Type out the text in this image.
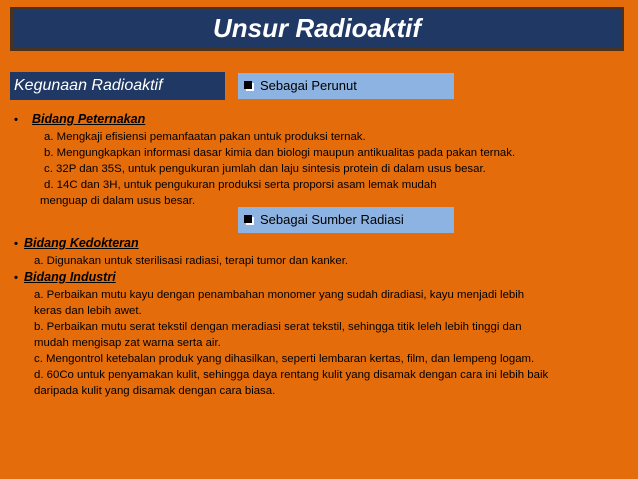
Unsur Radioaktif
Kegunaan Radioaktif	Sebagai Perunut
Sebagai Sumber Radiasi
• Bidang Peternakan
a. Mengkaji efisiensi pemanfaatan pakan untuk produksi ternak.
b. Mengungkapkan informasi dasar kimia dan biologi maupun antikualitas pada pakan ternak.
c. 32P dan 35S, untuk pengukuran jumlah dan laju sintesis protein di dalam usus besar.
d. 14C dan 3H, untuk pengukuran produksi serta proporsi asam lemak mudah
menguap di dalam usus besar.
• Bidang Kedokteran
a. Digunakan untuk sterilisasi radiasi, terapi tumor dan kanker.
• Bidang Industri
a. Perbaikan mutu kayu dengan penambahan monomer yang sudah diradiasi, kayu menjadi lebih
keras dan lebih awet.
b. Perbaikan mutu serat tekstil dengan meradiasi serat tekstil, sehingga titik leleh lebih tinggi dan
mudah mengisap zat warna serta air.
c. Mengontrol ketebalan produk yang dihasilkan, seperti lembaran kertas, film, dan lempeng logam.
d. 60Co untuk penyamakan kulit, sehingga daya rentang kulit yang disamak dengan cara ini lebih baik
daripada kulit yang disamak dengan cara biasa.
